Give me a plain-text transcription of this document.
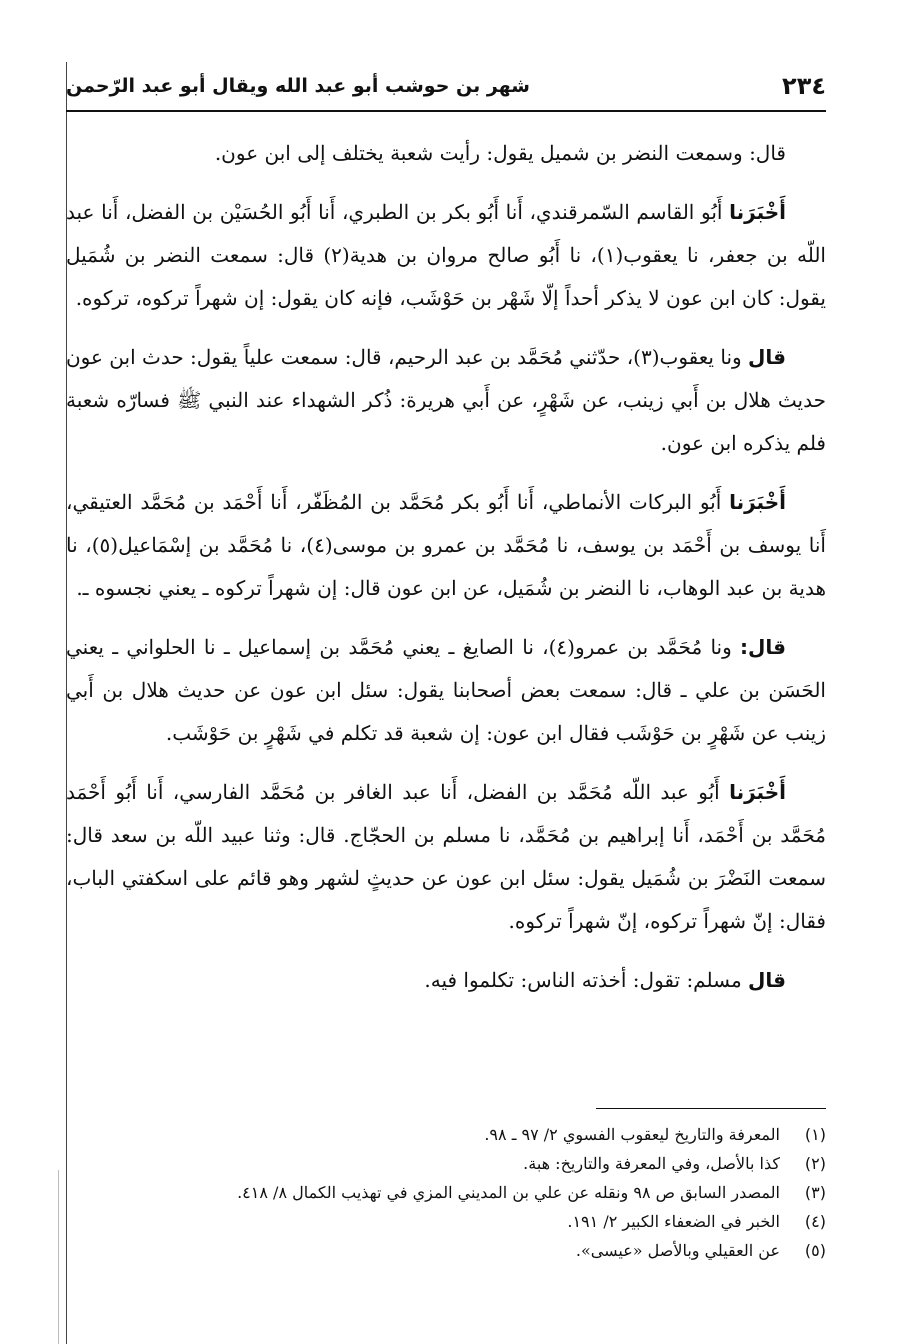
٢٣٤
شهر بن حوشب أبو عبد الله ويقال أبو عبد الرّحمن

قال: وسمعت النضر بن شميل يقول: رأيت شعبة يختلف إلى ابن عون.

أَخْبَرَنا أَبُو القاسم السّمرقندي، أَنا أَبُو بكر بن الطبري، أَنا أَبُو الحُسَيْن بن الفضل، أَنا عبد اللّه بن جعفر، نا يعقوب(١)، نا أَبُو صالح مروان بن هدية(٢) قال: سمعت النضر بن شُمَيل يقول: كان ابن عون لا يذكر أحداً إلّا شَهْر بن حَوْشَب، فإنه كان يقول: إن شهراً تركوه، تركوه.

قال ونا يعقوب(٣)، حدّثني مُحَمَّد بن عبد الرحيم، قال: سمعت علياً يقول: حدث ابن عون حديث هلال بن أَبي زينب، عن شَهْرٍ، عن أَبي هريرة: ذُكر الشهداء عند النبي ﷺ فسارّه شعبة فلم يذكره ابن عون.

أَخْبَرَنا أَبُو البركات الأنماطي، أَنا أَبُو بكر مُحَمَّد بن المُظَفّر، أَنا أَحْمَد بن مُحَمَّد العتيقي، أَنا يوسف بن أَحْمَد بن يوسف، نا مُحَمَّد بن عمرو بن موسى(٤)، نا مُحَمَّد بن إسْمَاعيل(٥)، نا هدية بن عبد الوهاب، نا النضر بن شُمَيل، عن ابن عون قال: إن شهراً تركوه ـ يعني نجسوه ـ.

قال: ونا مُحَمَّد بن عمرو(٤)، نا الصايغ ـ يعني مُحَمَّد بن إسماعيل ـ نا الحلواني ـ يعني الحَسَن بن علي ـ قال: سمعت بعض أصحابنا يقول: سئل ابن عون عن حديث هلال بن أَبي زينب عن شَهْرٍ بن حَوْشَب فقال ابن عون: إن شعبة قد تكلم في شَهْرٍ بن حَوْشَب.

أَخْبَرَنا أَبُو عبد اللّه مُحَمَّد بن الفضل، أَنا عبد الغافر بن مُحَمَّد الفارسي، أَنا أَبُو أَحْمَد مُحَمَّد بن أَحْمَد، أَنا إبراهيم بن مُحَمَّد، نا مسلم بن الحجّاج. قال: وثنا عبيد اللّه بن سعد قال: سمعت النَضْرَ بن شُمَيل يقول: سئل ابن عون عن حديثٍ لشهر وهو قائم على اسكفتي الباب، فقال: إنّ شهراً تركوه، إنّ شهراً تركوه.

قال مسلم: تقول: أخذته الناس: تكلموا فيه.

(١)
المعرفة والتاريخ ليعقوب الفسوي ٢/ ٩٧ ـ ٩٨.
(٢)
كذا بالأصل، وفي المعرفة والتاريخ: هبة.
(٣)
المصدر السابق ص ٩٨ ونقله عن علي بن المديني المزي في تهذيب الكمال ٨/ ٤١٨.
(٤)
الخبر في الضعفاء الكبير ٢/ ١٩١.
(٥)
عن العقيلي وبالأصل «عيسى».
